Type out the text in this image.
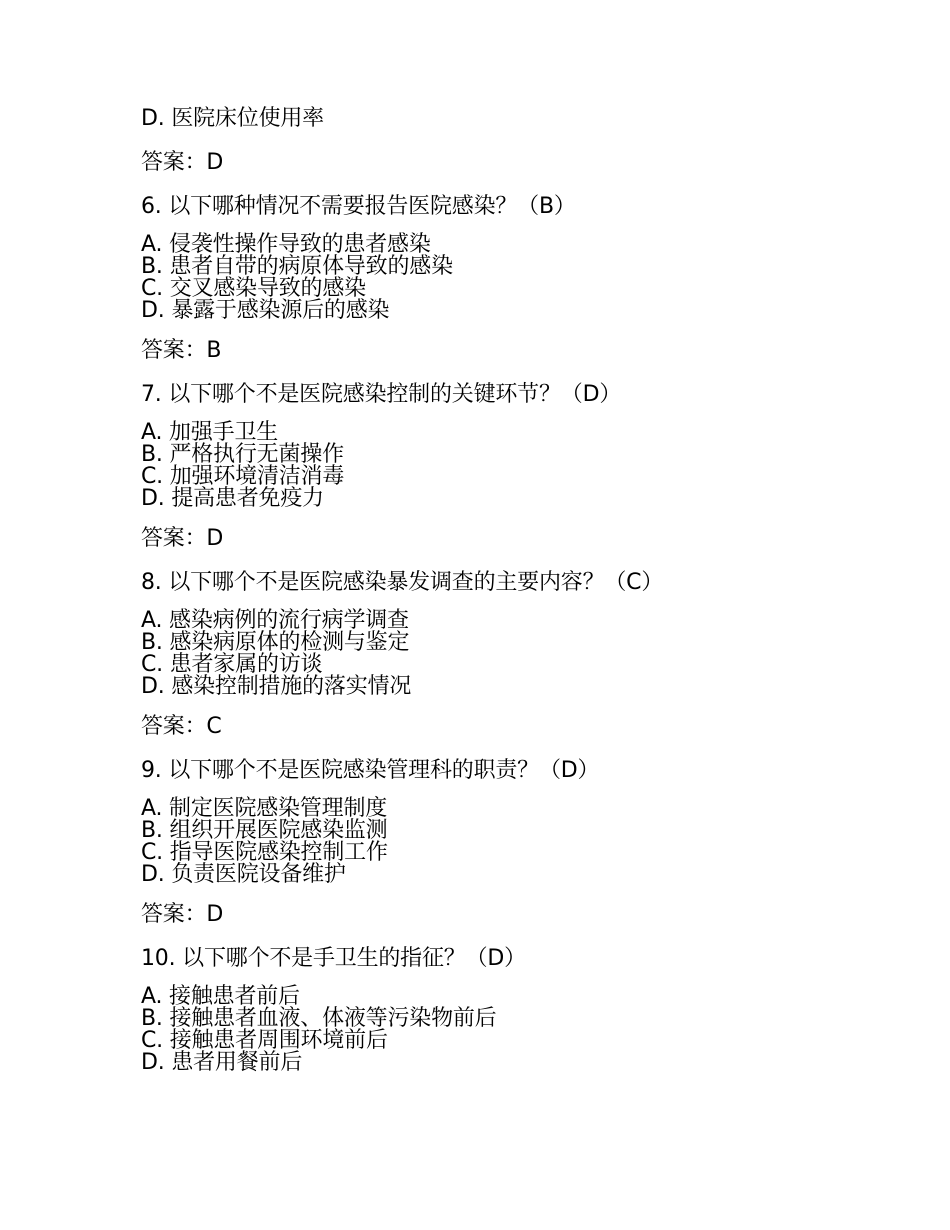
D. 医院床位使用率
答案：D
6. 以下哪种情况不需要报告医院感染？（B）
A. 侵袭性操作导致的患者感染
B. 患者自带的病原体导致的感染
C. 交叉感染导致的感染
D. 暴露于感染源后的感染
答案：B
7. 以下哪个不是医院感染控制的关键环节？（D）
A. 加强手卫生
B. 严格执行无菌操作
C. 加强环境清洁消毒
D. 提高患者免疫力
答案：D
8. 以下哪个不是医院感染暴发调查的主要内容？（C）
A. 感染病例的流行病学调查
B. 感染病原体的检测与鉴定
C. 患者家属的访谈
D. 感染控制措施的落实情况
答案：C
9. 以下哪个不是医院感染管理科的职责？（D）
A. 制定医院感染管理制度
B. 组织开展医院感染监测
C. 指导医院感染控制工作
D. 负责医院设备维护
答案：D
10. 以下哪个不是手卫生的指征？（D）
A. 接触患者前后
B. 接触患者血液、体液等污染物前后
C. 接触患者周围环境前后
D. 患者用餐前后
